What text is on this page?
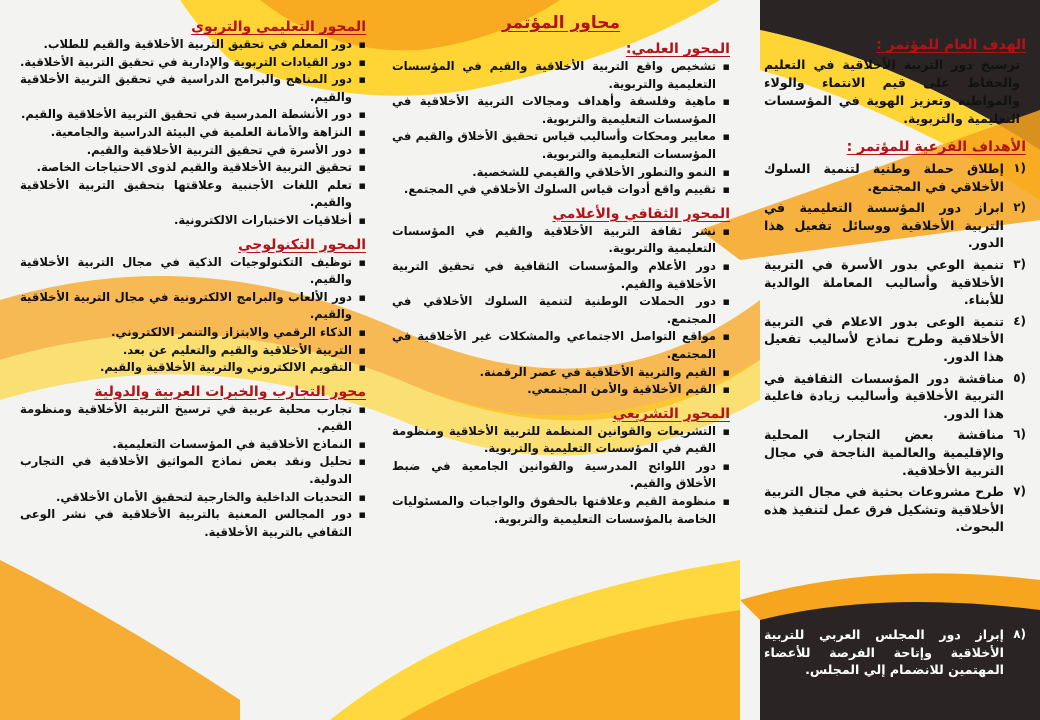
الهدف العام للمؤتمر :
ترسيخ دور التربية الأخلاقية في التعليم والحفاظ على قيم الانتماء والولاء والمواطنة وتعزيز الهوية في المؤسسات التعليمية والتربوية.
الأهداف الفرعية للمؤتمر :
(١
إطلاق حملة وطنية لتنمية السلوك الأخلاقي في المجتمع.
(٢
ابراز دور المؤسسة التعليمية في التربية الأخلاقية ووسائل تفعيل هذا الدور.
(٣
تنمية الوعي بدور الأسرة في التربية الأخلاقية وأساليب المعاملة الوالدية للأبناء.
(٤
تنمية الوعى بدور الاعلام في التربية الأخلاقية وطرح نماذج لأساليب تفعيل هذا الدور.
(٥
مناقشة دور المؤسسات الثقافية في التربية الأخلاقية وأساليب زيادة فاعلية هذا الدور.
(٦
مناقشة بعض التجارب المحلية والإقليمية والعالمية الناجحة في مجال التربية الأخلاقية.
(٧
طرح مشروعات بحثية في مجال التربية الأخلاقية وتشكيل فرق عمل لتنفيذ هذه البحوث.
(٨
إبراز دور المجلس العربي للتربية الأخلاقية وإتاحة الفرصة للأعضاء المهتمين للانضمام إلي المجلس.
محاور المؤتمر
المحور العلمي:
▪ تشخيص واقع التربية الأخلاقية والقيم في المؤسسات التعليمية والتربوية.
▪ ماهية وفلسفة وأهداف ومجالات التربية الأخلاقية في المؤسسات التعليمية والتربوية.
▪ معايير ومحكات وأساليب قياس تحقيق الأخلاق والقيم في المؤسسات التعليمية والتربوية.
▪ النمو والتطور الأخلاقي والقيمي للشخصية.
▪ تقييم واقع أدوات قياس السلوك الأخلاقي في المجتمع.
المحور الثقافي والأعلامي
▪ نشر ثقافة التربية الأخلاقية والقيم في المؤسسات التعليمية والتربوية.
▪ دور الأعلام والمؤسسات الثقافية في تحقيق التربية الأخلاقية والقيم.
▪ دور الحملات الوطنية لتنمية السلوك الأخلاقي في المجتمع.
▪ مواقع التواصل الاجتماعي والمشكلات غير الأخلاقية في المجتمع.
▪ القيم والتربية الأخلاقية في عصر الرقمنة.
▪ القيم الأخلاقية والأمن المجتمعي.
المحور التشريعي
▪ التشريعات والقوانين المنظمة للتربية الأخلاقية ومنظومة القيم في المؤسسات التعليمية والتربوية.
▪ دور اللوائح المدرسية والقوانين الجامعية في ضبط الأخلاق والقيم.
▪ منظومة القيم وعلاقتها بالحقوق والواجبات والمسئوليات الخاصة بالمؤسسات التعليمية والتربوية.
المحور التعليمي والتربوي
▪ دور المعلم في تحقيق التربية الأخلاقية والقيم للطلاب.
▪ دور القيادات التربوية والإدارية في تحقيق التربية الأخلاقية.
▪ دور المناهج والبرامج الدراسية في تحقيق التربية الأخلاقية والقيم.
▪ دور الأنشطة المدرسية في تحقيق التربية الأخلاقية والقيم.
▪ النزاهة والأمانة العلمية في البيئة الدراسية والجامعية.
▪ دور الأسرة في تحقيق التربية الأخلاقية والقيم.
▪ تحقيق التربية الأخلاقية والقيم لذوى الاحتياجات الخاصة.
▪ تعلم اللغات الأجنبية وعلاقتها بتحقيق التربية الأخلاقية والقيم.
▪ أخلاقيات الاختبارات الالكترونية.
المحور التكنولوجي
▪ توظيف التكنولوجيات الذكية في مجال التربية الأخلاقية والقيم.
▪ دور الألعاب والبرامج الالكترونية في مجال التربية الأخلاقية والقيم.
▪ الذكاء الرقمي والابتزاز والتنمر الالكتروني.
▪ التربية الأخلاقية والقيم والتعليم عن بعد.
▪ التقويم الالكتروني والتربية الأخلاقية والقيم.
محور التجارب والخبرات العربية والدولية
▪ تجارب محلية عربية في ترسيخ التربية الأخلاقية ومنظومة القيم.
▪ النماذج الأخلاقية في المؤسسات التعليمية.
▪ تحليل ونقد بعض نماذج المواثيق الأخلاقية في التجارب الدولية.
▪ التحديات الداخلية والخارجية لتحقيق الأمان الأخلاقي.
▪ دور المجالس المعنية بالتربية الأخلاقية في نشر الوعى الثقافي بالتربية الأخلاقية.
